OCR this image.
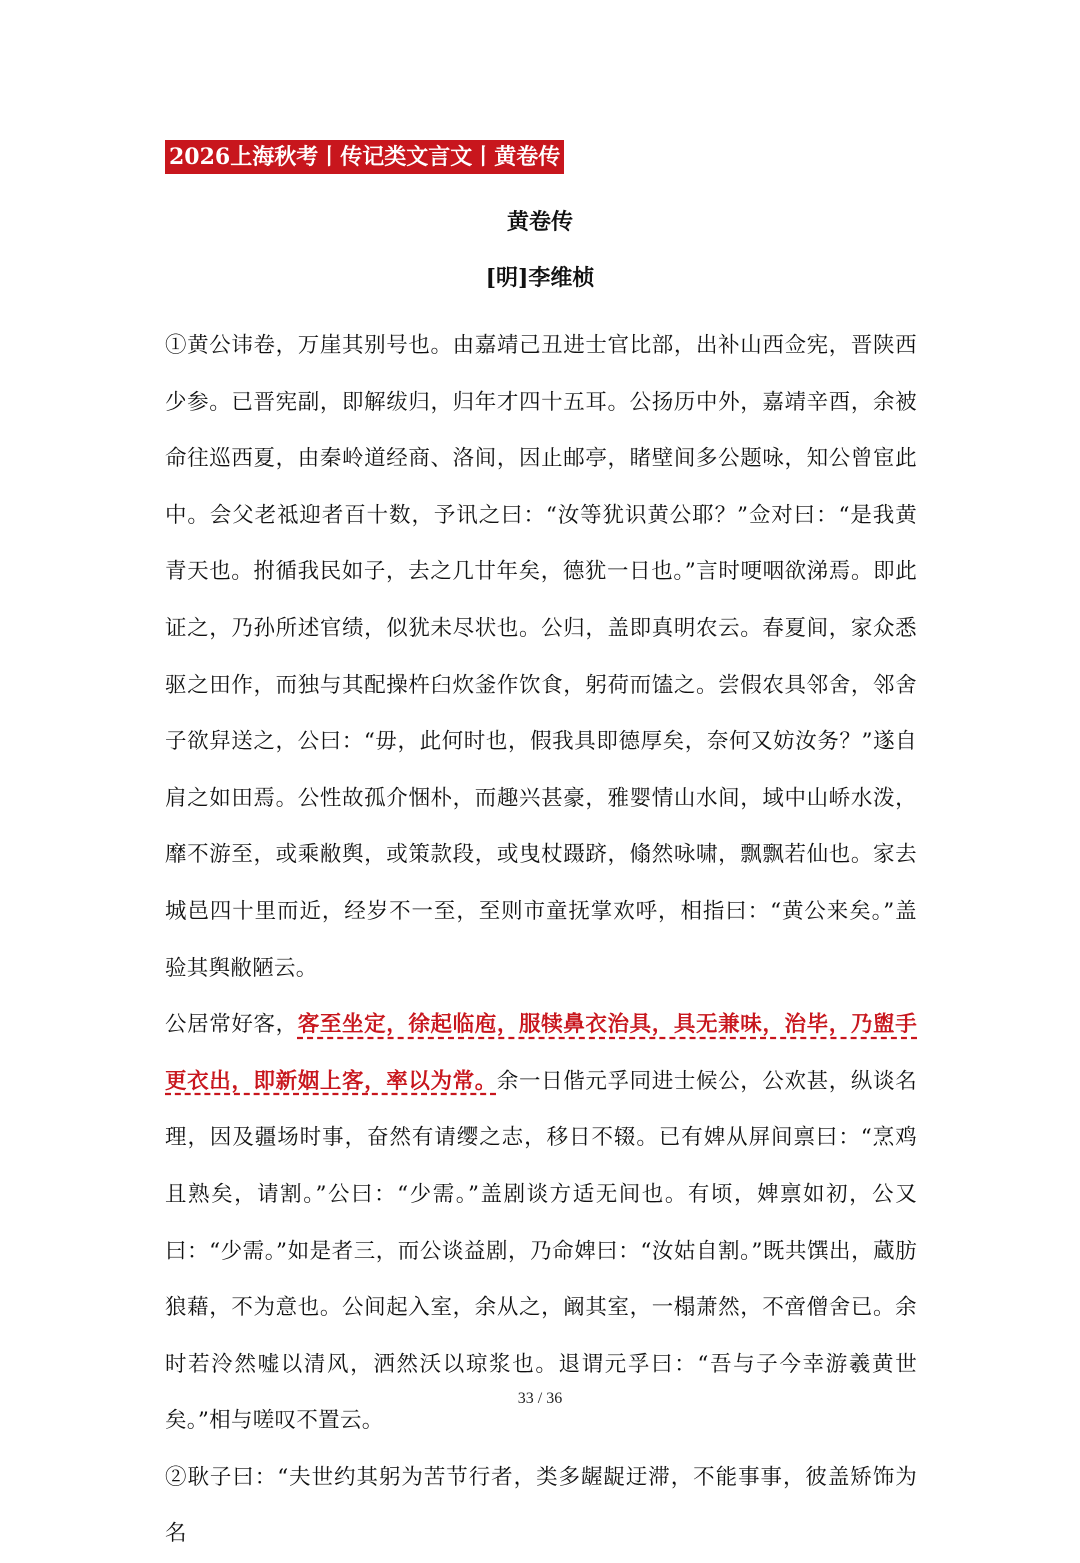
2026上海秋考丨传记类文言文丨黄卷传
黄卷传
[明]李维桢

①黄公讳卷，万崖其别号也。由嘉靖己丑进士官比部，出补山西佥宪，晋陕西少参。已晋宪副，即解绂归，归年才四十五耳。公扬历中外，嘉靖辛酉，余被命往巡西夏，由秦岭道经商、洛间，因止邮亭，睹壁间多公题咏，知公曾宦此中。会父老祗迎者百十数，予讯之曰：“汝等犹识黄公耶？”佥对曰：“是我黄青天也。拊循我民如子，去之几廿年矣，德犹一日也。”言时哽咽欲涕焉。即此证之，乃孙所述官绩，似犹未尽状也。公归，盖即真明农云。春夏间，家众悉驱之田作，而独与其配操杵臼炊釜作饮食，躬荷而馌之。尝假农具邻舍，邻舍子欲舁送之，公曰：“毋，此何时也，假我具即德厚矣，奈何又妨汝务？”遂自肩之如田焉。公性故孤介悃朴，而趣兴甚豪，雅婴情山水间，域中山峤水泼，靡不游至，或乘敝舆，或策款段，或曳杖蹑跻，翛然咏啸，飘飘若仙也。家去城邑四十里而近，经岁不一至，至则市童抚掌欢呼，相指曰：“黄公来矣。”盖验其舆敝陋云。

公居常好客，客至坐定，徐起临庖，服犊鼻衣治具，具无兼味，治毕，乃盥手更衣出，即新姻上客，率以为常。余一日偕元孚同进士候公，公欢甚，纵谈名理，因及疆场时事，奋然有请缨之志，移日不辍。已有婢从屏间禀曰：“烹鸡且熟矣，请割。”公曰：“少需。”盖剧谈方适无间也。有顷，婢禀如初，公又曰：“少需。”如是者三，而公谈益剧，乃命婢曰：“汝姑自割。”既共馔出，蔵肪狼藉，不为意也。公间起入室，余从之，阚其室，一榻萧然，不啻僧舍已。余时若泠然嘘以清风，洒然沃以琼浆也。退谓元孚曰：“吾与子今幸游羲黄世矣。”相与嗟叹不置云。

②耿子曰：“夫世约其躬为苦节行者，类多龌龊迂滞，不能事事，彼盖矫饰为名

33 / 36
